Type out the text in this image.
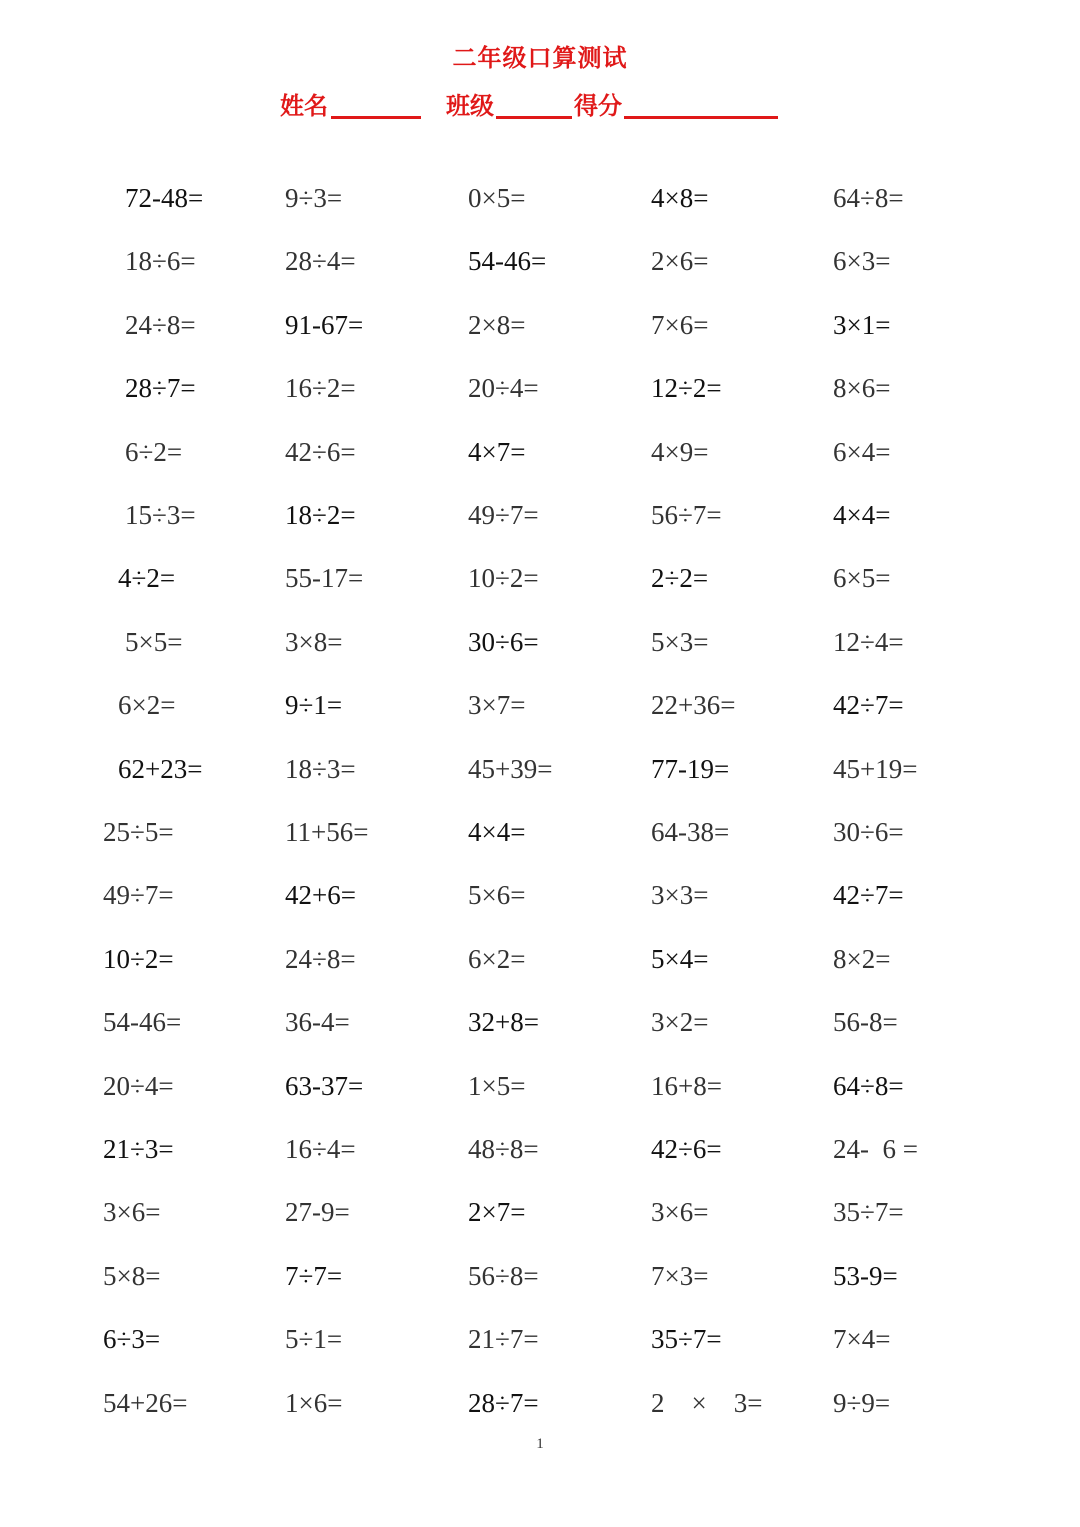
二年级口算测试
姓名	班级	得分
72-48=	9÷3=	0×5=	4×8=	64÷8=
18÷6=	28÷4=	54-46=	2×6=	6×3=
24÷8=	91-67=	2×8=	7×6=	3×1=
28÷7=	16÷2=	20÷4=	12÷2=	8×6=
6÷2=	42÷6=	4×7=	4×9=	6×4=
15÷3=	18÷2=	49÷7=	56÷7=	4×4=
4÷2=	55-17=	10÷2=	2÷2=	6×5=
5×5=	3×8=	30÷6=	5×3=	12÷4=
6×2=	9÷1=	3×7=	22+36=	42÷7=
62+23=	18÷3=	45+39=	77-19=	45+19=
25÷5=	11+56=	4×4=	64-38=	30÷6=
49÷7=	42+6=	5×6=	3×3=	42÷7=
10÷2=	24÷8=	6×2=	5×4=	8×2=
54-46=	36-4=	32+8=	3×2=	56-8=
20÷4=	63-37=	1×5=	16+8=	64÷8=
21÷3=	16÷4=	48÷8=	42÷6=	24-  6 =
3×6=	27-9=	2×7=	3×6=	35÷7=
5×8=	7÷7=	56÷8=	7×3=	53-9=
6÷3=	5÷1=	21÷7=	35÷7=	7×4=
54+26=	1×6=	28÷7=	2    ×    3=	9÷9=
1
